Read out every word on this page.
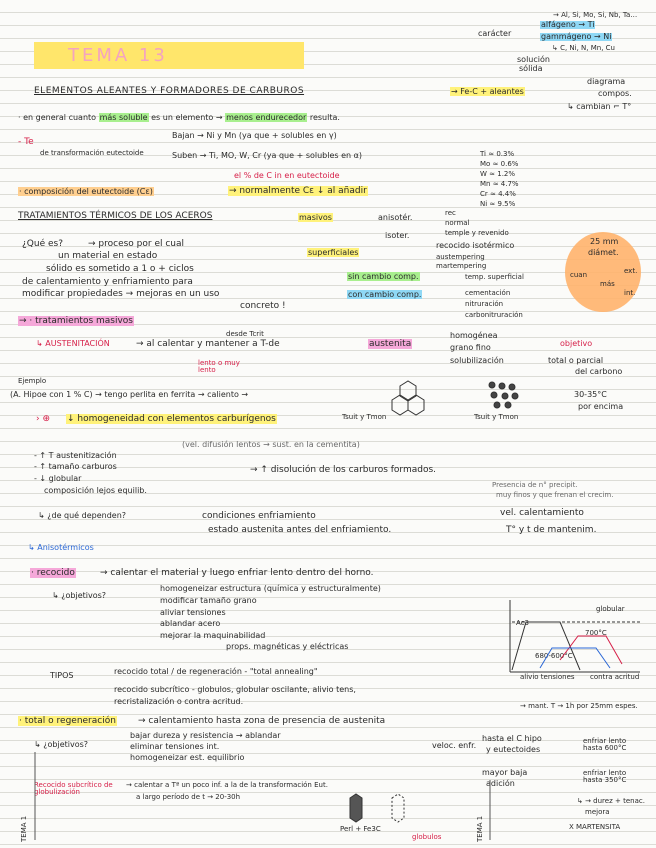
→ Al, Si, Mo, Si, Nb, Ta…
carácter
alfágeno → Ti
gammágeno → Ni
↳ C, Ni, N, Mn, Cu
solución
sólida
diagrama
compos.
↳ cambian ⌐ T°
TEMA 13
ELEMENTOS ALEANTES Y FORMADORES DE CARBUROS	→ Fe-C + aleantes
· en general cuanto más soluble es un elemento → menos endurecedor resulta.
- Te
de transformación eutectoide
Bajan → Ni y Mn (ya que + solubles en γ)
Suben → Ti, MO, W, Cr (ya que + solubles en α)
el % de C in en eutectoide
· composición del eutectoide (Cε)	→ normalmente Cε ↓ al añadir
Ti ≈ 0.3%
Mo ≈ 0.6%
W ≈ 1.2%
Mn ≈ 4.7%
Cr ≈ 4.4%
Ni ≈ 9.5%
TRATAMIENTOS TÉRMICOS DE LOS ACEROS	masivos	anisotér.	rec
normal
temple y revenido
isoter.
recocido isotérmico
austempering
martempering
superficiales
sin cambio comp.	temp. superficial
con cambio comp.	cementación
nitruración
carbonitruración
¿Qué es?	→ proceso por el cual
un material en estado
sólido es sometido a 1 o + ciclos
de calentamiento y enfriamiento para
modificar propiedades → mejoras en un uso
concreto !
25 mm
diámet.
cuan
más
ext.
int.
→ · tratamientos masivos
↳ AUSTENITACIÓN	→ al calentar y mantener a T-de
desde Tcrit
lento o muy lento
austenita
homogénea
grano fino
solubilización	total o parcial
objetivo
del carbono
Ejemplo
(A. Hipoe con 1 % C) → tengo perlita en ferrita → caliento →
Tsuit y Tmon	Tsuit y Tmon
30-35°C
por encima
› ⊕ ↓ homogeneidad con elementos carburígenos
(vel. difusión lentos → sust. en la cementita)
- ↑ T austenitización
- ↑ tamaño carburos
- ↓ globular
composición lejos equilib.
→ ↑ disolución de los carburos formados.
Presencia de n° precipit.
muy finos y que frenan el crecim.
↳ ¿de qué dependen?	condiciones enfriamiento
estado austenita antes del enfriamiento.
vel. calentamiento
T° y t de mantenim.
↳ Anisotérmicos
· recocido	→ calentar el material y luego enfriar lento dentro del horno.
↳ ¿objetivos?
homogeneizar estructura (química y estructuralmente)
modificar tamaño grano
aliviar tensiones
ablandar acero
mejorar la maquinabilidad
props. magnéticas y eléctricas
TIPOS	recocido total / de regeneración - "total annealing"
recocido subcrítico - globulos, globular oscilante, alivio tens,
recristalización o contra acritud.
Ac3
globular
700°C
680-600°C
alivio tensiones contra acritud
→ mant. T → 1h por 25mm espes.
· total o regeneración → calentamiento hasta zona de presencia de austenita
↳ ¿objetivos?
bajar dureza y resistencia → ablandar
eliminar tensiones int.
homogeneizar est. equilibrio
veloc. enfr.
hasta el C hipo
y eutectoides
mayor baja
adición
enfriar lento hasta 600°C
enfriar lento hasta 350°C
Recocido subcrítico de globulización
→ calentar a Tª un poco inf. a la de la transformación Eut.
a largo período de t → 20-30h
Perl + Fe3C
globulos
↳ → durez + tenac.
mejora
X MARTENSITA
TEMA 1	TEMA 1
